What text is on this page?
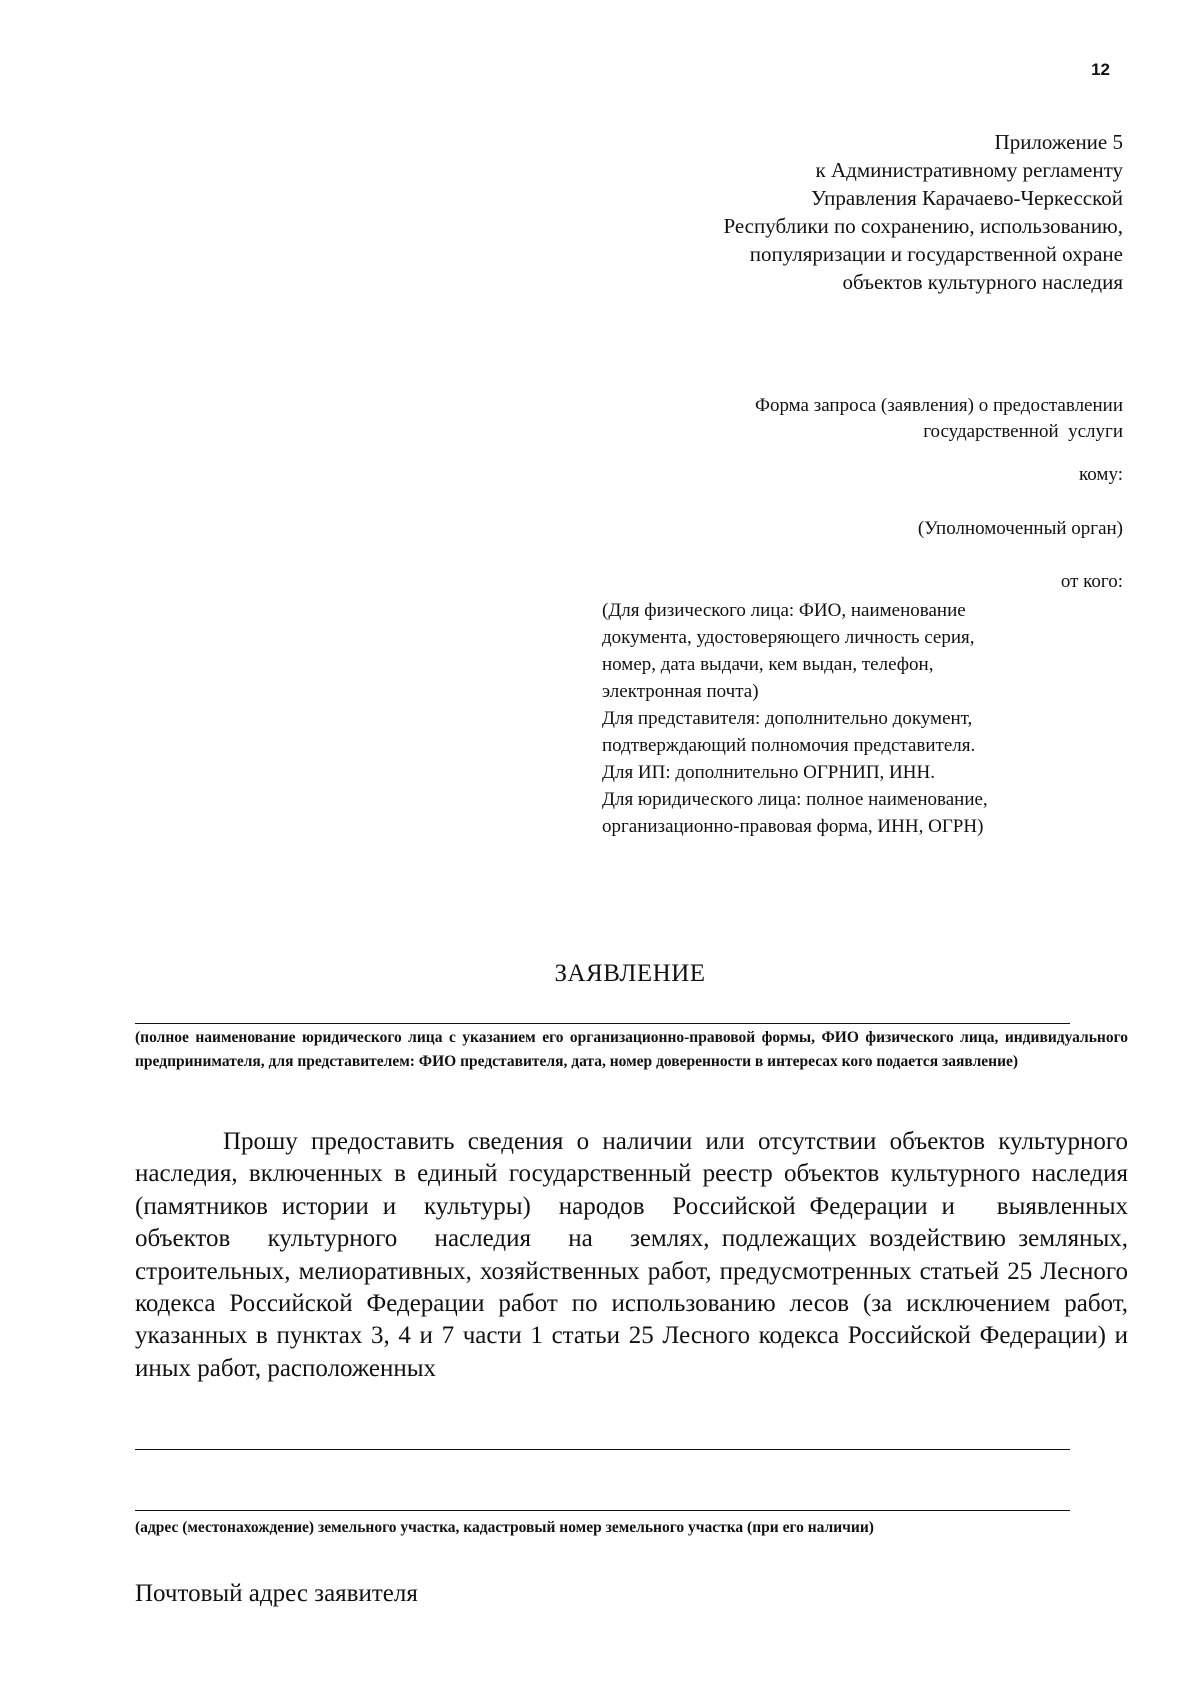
12
Приложение 5
к Административному регламенту
Управления Карачаево-Черкесской
Республики по сохранению, использованию,
популяризации и государственной охране
объектов культурного наследия
Форма запроса (заявления) о предоставлении
государственной  услуги
кому:
(Уполномоченный орган)
от кого:
(Для физического лица: ФИО, наименование
документа, удостоверяющего личность серия,
номер, дата выдачи, кем выдан, телефон,
электронная почта)
Для представителя: дополнительно документ,
подтверждающий полномочия представителя.
Для ИП: дополнительно ОГРНИП, ИНН.
Для юридического лица: полное наименование,
организационно-правовая форма, ИНН, ОГРН)
ЗАЯВЛЕНИЕ
(полное наименование юридического лица с указанием его организационно-правовой формы, ФИО физического лица, индивидуального предпринимателя, для представителем: ФИО представителя, дата, номер доверенности в интересах кого подается заявление)
Прошу предоставить сведения о наличии или отсутствии объектов культурного наследия, включенных в единый государственный реестр объектов культурного наследия (памятников истории и  культуры)  народов  Российской Федерации и   выявленных   объектов   культурного   наследия   на   землях, подлежащих воздействию земляных, строительных, мелиоративных, хозяйственных работ, предусмотренных статьей 25 Лесного кодекса Российской Федерации работ по использованию лесов (за исключением работ, указанных в пунктах 3, 4 и 7 части 1 статьи 25 Лесного кодекса Российской Федерации) и иных работ, расположенных
(адрес (местонахождение) земельного участка, кадастровый номер земельного участка (при его наличии)
Почтовый адрес заявителя
